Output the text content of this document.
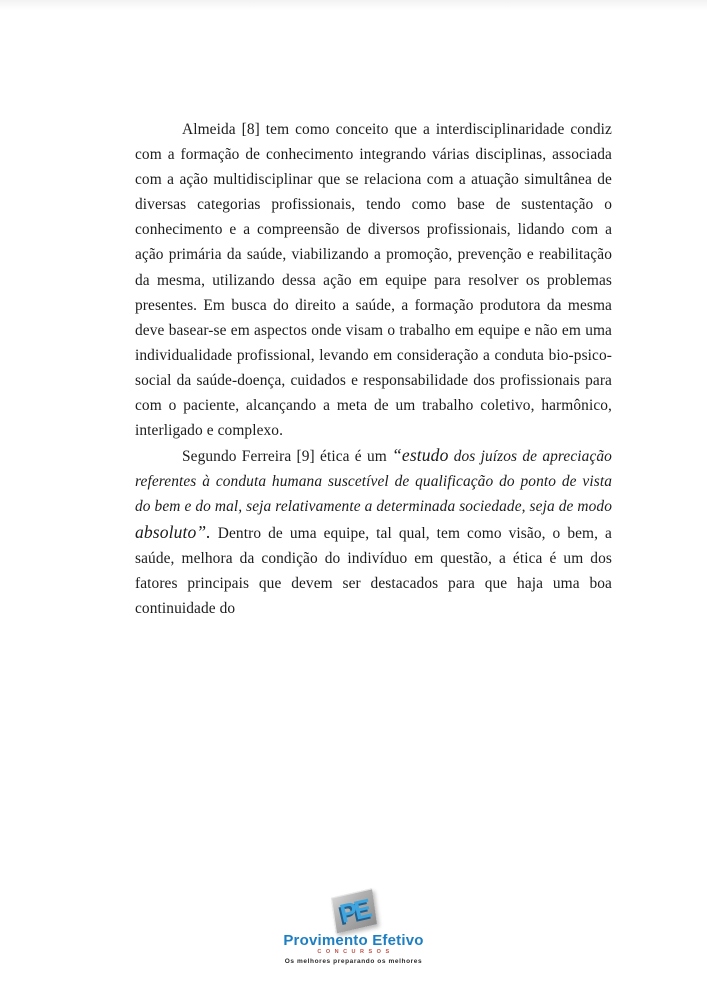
Almeida [8] tem como conceito que a interdisciplinaridade condiz com a formação de conhecimento integrando várias disciplinas, associada com a ação multidisciplinar que se relaciona com a atuação simultânea de diversas categorias profissionais, tendo como base de sustentação o conhecimento e a compreensão de diversos profissionais, lidando com a ação primária da saúde, viabilizando a promoção, prevenção e reabilitação da mesma, utilizando dessa ação em equipe para resolver os problemas presentes. Em busca do direito a saúde, a formação produtora da mesma deve basear-se em aspectos onde visam o trabalho em equipe e não em uma individualidade profissional, levando em consideração a conduta bio-psico-social da saúde-doença, cuidados e responsabilidade dos profissionais para com o paciente, alcançando a meta de um trabalho coletivo, harmônico, interligado e complexo.

Segundo Ferreira [9] ética é um “estudo dos juízos de apreciação referentes à conduta humana suscetível de qualificação do ponto de vista do bem e do mal, seja relativamente a determinada sociedade, seja de modo absoluto”. Dentro de uma equipe, tal qual, tem como visão, o bem, a saúde, melhora da condição do indivíduo em questão, a ética é um dos fatores principais que devem ser destacados para que haja uma boa continuidade do

PE
Provimento Efetivo
CONCURSOS
Os melhores preparando os melhores
